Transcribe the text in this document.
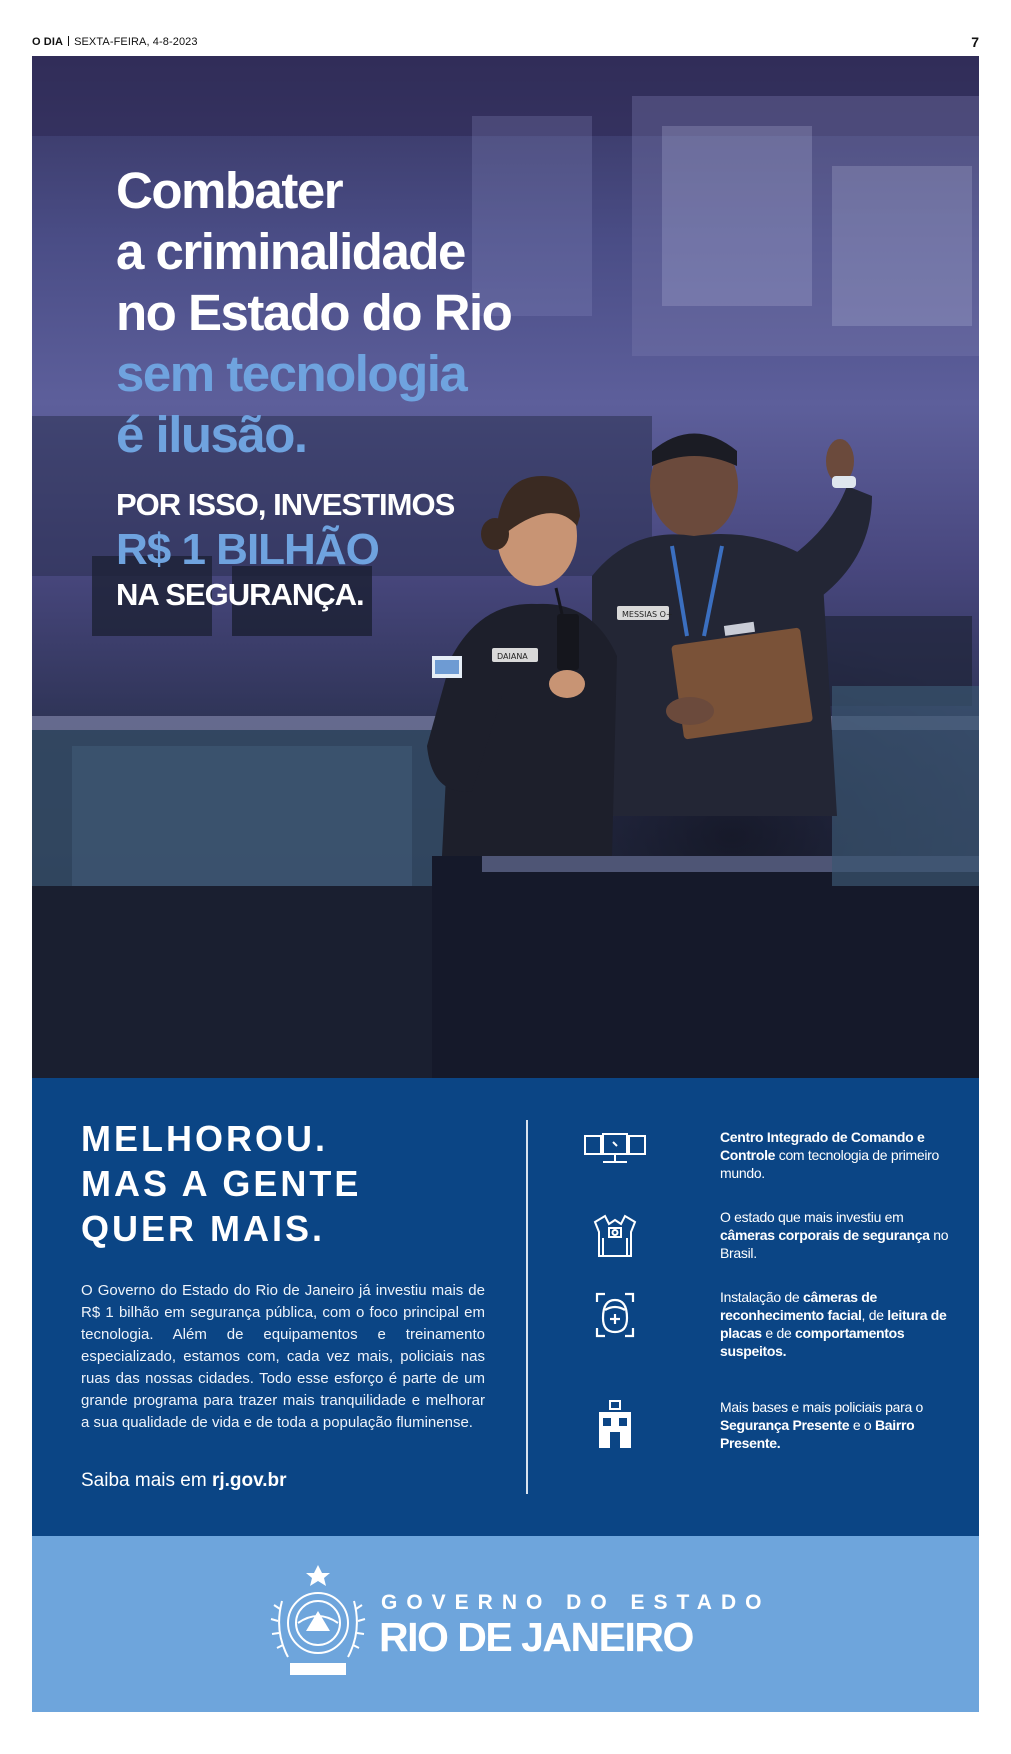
O DIA SEXTA-FEIRA, 4-8-2023	7
MESSIAS O+
DAIANA
Combater
a criminalidade
no Estado do Rio
sem tecnologia
é ilusão.
POR ISSO, INVESTIMOS
R$ 1 BILHÃO
NA SEGURANÇA.
MELHOROU.
MAS A GENTE
QUER MAIS.

O Governo do Estado do Rio de Janeiro já investiu mais de R$ 1 bilhão em segurança pública, com o foco principal em tecnologia. Além de equipamentos e treinamento especializado, estamos com, cada vez mais, policiais nas ruas das nossas cidades. Todo esse esforço é parte de um grande programa para trazer mais tranquilidade e melhorar a sua qualidade de vida e de toda a população fluminense.

Saiba mais em rj.gov.br
Centro Integrado de Comando e Controle com tecnologia de primeiro mundo.
O estado que mais investiu em câmeras corporais de segurança no Brasil.
Instalação de câmeras de reconhecimento facial, de leitura de placas e de comportamentos suspeitos.
Mais bases e mais policiais para o Segurança Presente e o Bairro Presente.
GOVERNO DO ESTADO
RIO DE JANEIRO
